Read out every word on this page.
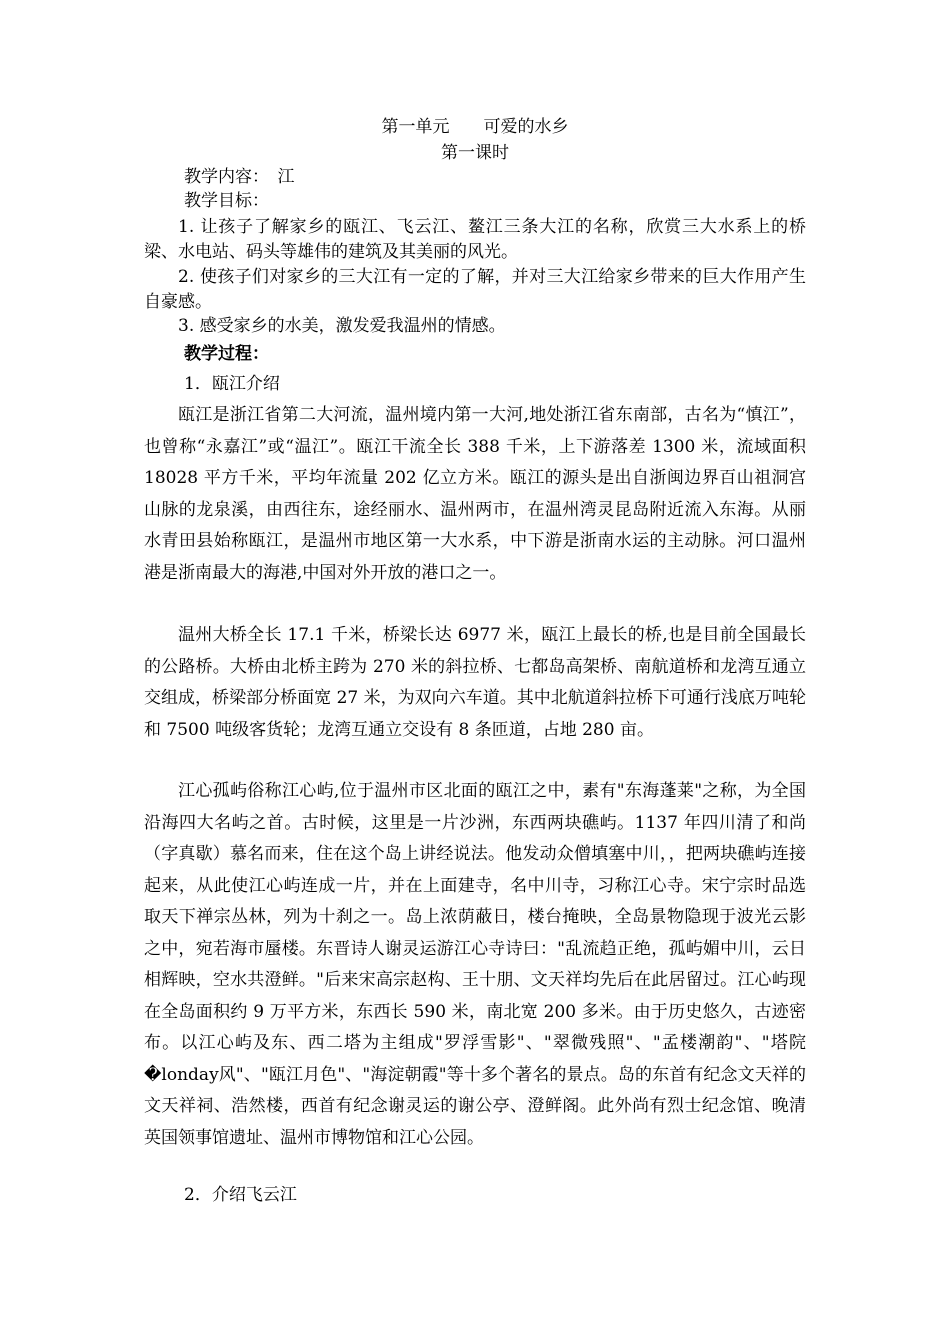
第一单元　　可爱的水乡
第一课时
教学内容：　江
教学目标：
1. 让孩子了解家乡的瓯江、飞云江、鳌江三条大江的名称，欣赏三大水系上的桥梁、水电站、码头等雄伟的建筑及其美丽的风光。
2. 使孩子们对家乡的三大江有一定的了解，并对三大江给家乡带来的巨大作用产生自豪感。
3. 感受家乡的水美，激发爱我温州的情感。
教学过程：
1．瓯江介绍
瓯江是浙江省第二大河流，温州境内第一大河,地处浙江省东南部，古名为“慎江”，也曾称“永嘉江”或“温江”。瓯江干流全长 388 千米，上下游落差 1300 米，流域面积 18028 平方千米，平均年流量 202 亿立方米。瓯江的源头是出自浙闽边界百山祖洞宫山脉的龙泉溪，由西往东，途经丽水、温州两市，在温州湾灵昆岛附近流入东海。从丽水青田县始称瓯江，是温州市地区第一大水系，中下游是浙南水运的主动脉。河口温州港是浙南最大的海港,中国对外开放的港口之一。
温州大桥全长 17.1 千米，桥梁长达 6977 米，瓯江上最长的桥,也是目前全国最长的公路桥。大桥由北桥主跨为 270 米的斜拉桥、七都岛高架桥、南航道桥和龙湾互通立交组成，桥梁部分桥面宽 27 米，为双向六车道。其中北航道斜拉桥下可通行浅底万吨轮和 7500 吨级客货轮；龙湾互通立交设有 8 条匝道，占地 280 亩。
江心孤屿俗称江心屿,位于温州市区北面的瓯江之中，素有"东海蓬莱"之称，为全国沿海四大名屿之首。古时候，这里是一片沙洲，东西两块礁屿。1137 年四川清了和尚（字真歇）慕名而来，住在这个岛上讲经说法。他发动众僧填塞中川，，把两块礁屿连接起来，从此使江心屿连成一片，并在上面建寺，名中川寺，习称江心寺。宋宁宗时品选取天下禅宗丛林，列为十刹之一。岛上浓荫蔽日，楼台掩映，全岛景物隐现于波光云影之中，宛若海市蜃楼。东晋诗人谢灵运游江心寺诗曰："乱流趋正绝，孤屿媚中川，云日相辉映，空水共澄鲜。"后来宋高宗赵构、王十朋、文天祥均先后在此居留过。江心屿现在全岛面积约 9 万平方米，东西长 590 米，南北宽 200 多米。由于历史悠久，古迹密布。以江心屿及东、西二塔为主组成"罗浮雪影"、"翠微残照"、"孟楼潮韵"、"塔院�londay风"、"瓯江月色"、"海淀朝霞"等十多个著名的景点。岛的东首有纪念文天祥的文天祥祠、浩然楼，西首有纪念谢灵运的谢公亭、澄鲜阁。此外尚有烈士纪念馆、晚清英国领事馆遗址、温州市博物馆和江心公园。
2．介绍飞云江
